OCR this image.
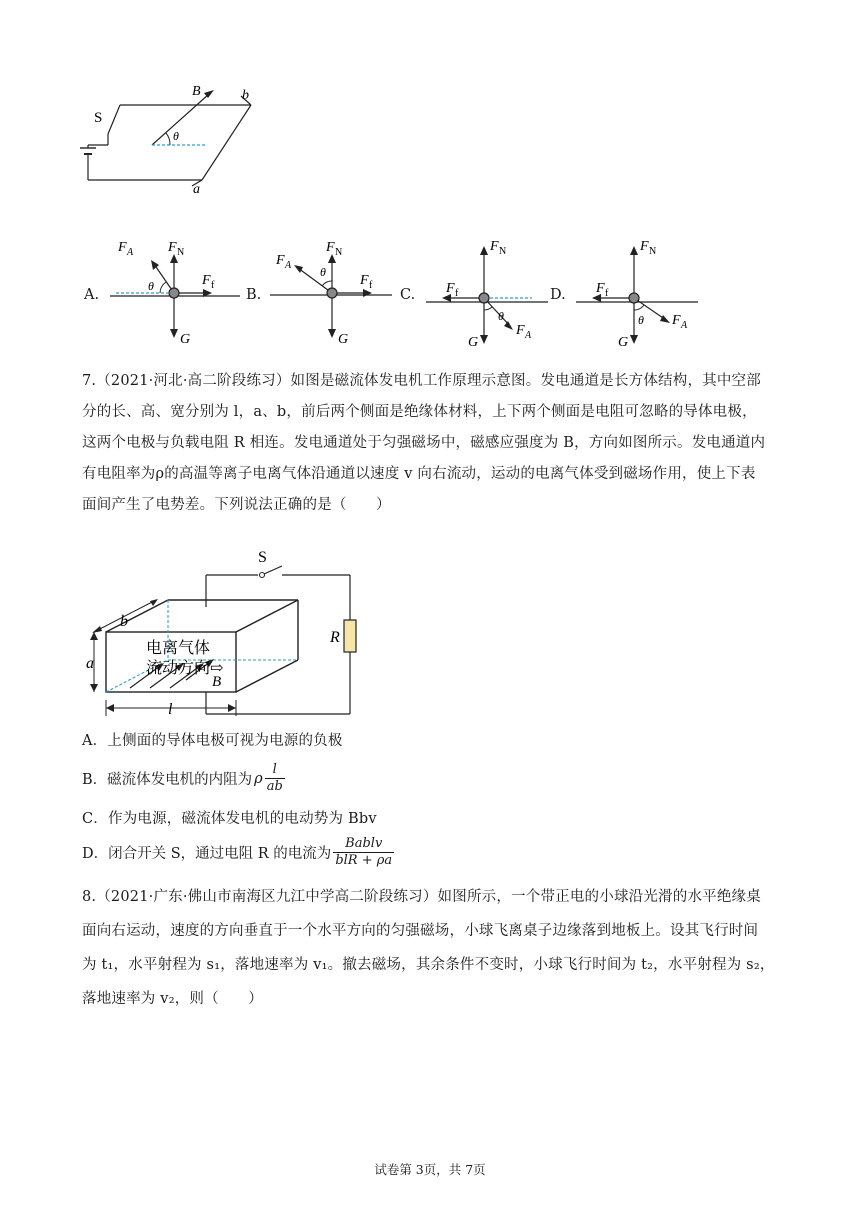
S
B	b
a
θ
A.
F A F N
F f
G
θ
B.
F A
F N
F f
G
θ
C.
F N
F f
F A
G
θ
D.
F N
F f
F A
G
θ
7.（2021·河北·高二阶段练习）如图是磁流体发电机工作原理示意图。发电通道是长方体结构，其中空部
分的长、高、宽分别为 l，a、b，前后两个侧面是绝缘体材料，上下两个侧面是电阻可忽略的导体电极，
这两个电极与负载电阻 R 相连。发电通道处于匀强磁场中，磁感应强度为 B，方向如图所示。发电通道内
有电阻率为ρ的高温等离子电离气体沿通道以速度 v 向右流动，运动的电离气体受到磁场作用，使上下表
面间产生了电势差。下列说法正确的是（　　）
S
b
a
R
l
B
电离气体
流动方向⇨
A．上侧面的导体电极可视为电源的负极
B．磁流体发电机的内阻为 ρ $\frac{l}{ab}$
C．作为电源，磁流体发电机的电动势为 Bbv
D．闭合开关 S，通过电阻 R 的电流为 $\frac{\text{Bablv}}{\text{blR + ρa}}$
8.（2021·广东·佛山市南海区九江中学高二阶段练习）如图所示，一个带正电的小球沿光滑的水平绝缘桌
面向右运动，速度的方向垂直于一个水平方向的匀强磁场，小球飞离桌子边缘落到地板上。设其飞行时间
为 t₁，水平射程为 s₁，落地速率为 v₁。撤去磁场，其余条件不变时，小球飞行时间为 t₂，水平射程为 s₂，
落地速率为 v₂，则（　　）
试卷第 3页，共 7页
